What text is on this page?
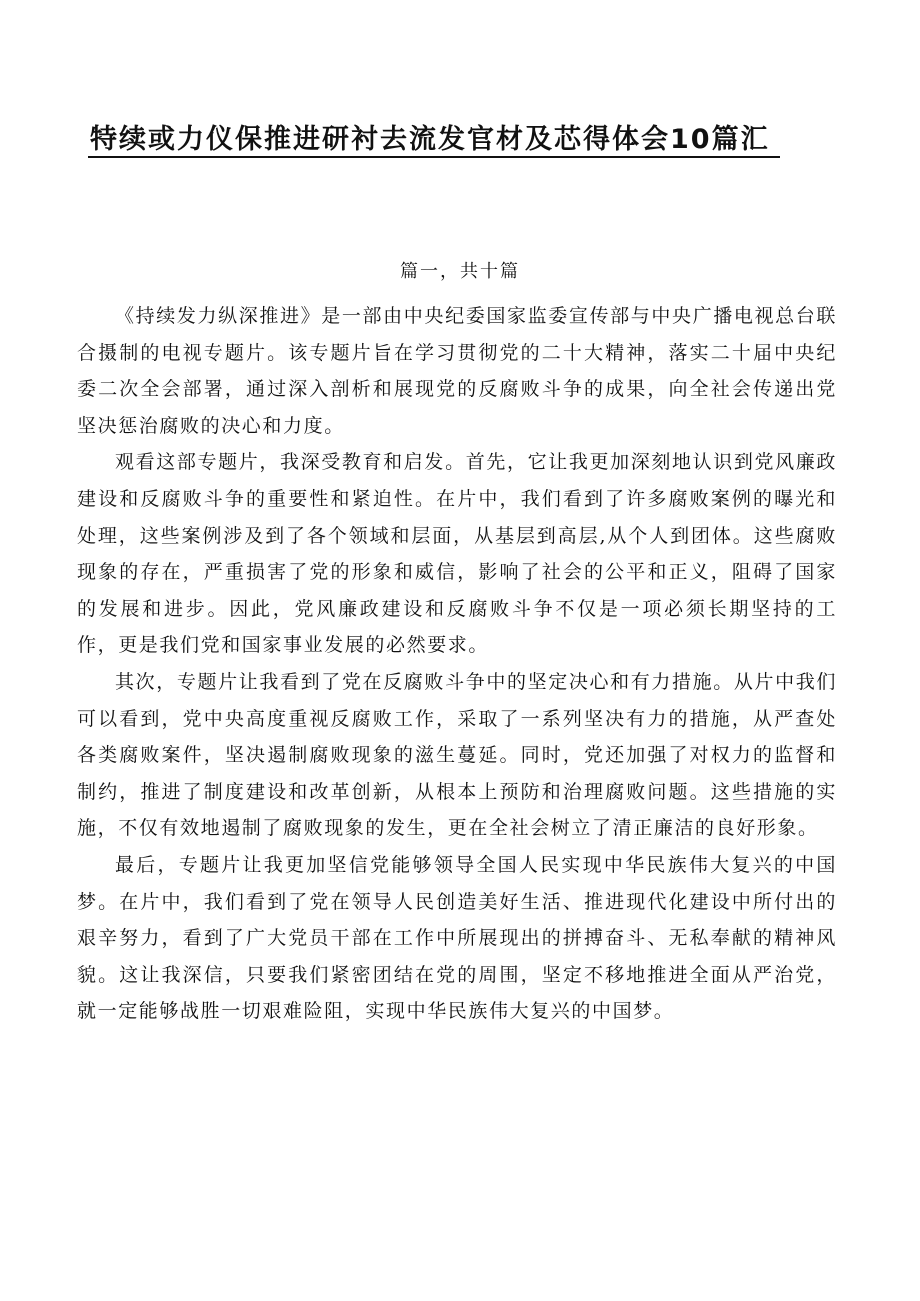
特续或力仪保推进研衬去流发官材及芯得体会10篇汇

篇一，共十篇

《持续发力纵深推进》是一部由中央纪委国家监委宣传部与中央广播电视总台联合摄制的电视专题片。该专题片旨在学习贯彻党的二十大精神，落实二十届中央纪委二次全会部署，通过深入剖析和展现党的反腐败斗争的成果，向全社会传递出党坚决惩治腐败的决心和力度。

观看这部专题片，我深受教育和启发。首先，它让我更加深刻地认识到党风廉政建设和反腐败斗争的重要性和紧迫性。在片中，我们看到了许多腐败案例的曝光和处理，这些案例涉及到了各个领域和层面，从基层到高层,从个人到团体。这些腐败现象的存在，严重损害了党的形象和威信，影响了社会的公平和正义，阻碍了国家的发展和进步。因此，党风廉政建设和反腐败斗争不仅是一项必须长期坚持的工作，更是我们党和国家事业发展的必然要求。

其次，专题片让我看到了党在反腐败斗争中的坚定决心和有力措施。从片中我们可以看到，党中央高度重视反腐败工作，采取了一系列坚决有力的措施，从严查处各类腐败案件，坚决遏制腐败现象的滋生蔓延。同时，党还加强了对权力的监督和制约，推进了制度建设和改革创新，从根本上预防和治理腐败问题。这些措施的实施，不仅有效地遏制了腐败现象的发生，更在全社会树立了清正廉洁的良好形象。

最后，专题片让我更加坚信党能够领导全国人民实现中华民族伟大复兴的中国梦。在片中，我们看到了党在领导人民创造美好生活、推进现代化建设中所付出的艰辛努力，看到了广大党员干部在工作中所展现出的拼搏奋斗、无私奉献的精神风貌。这让我深信，只要我们紧密团结在党的周围，坚定不移地推进全面从严治党，就一定能够战胜一切艰难险阻，实现中华民族伟大复兴的中国梦。
